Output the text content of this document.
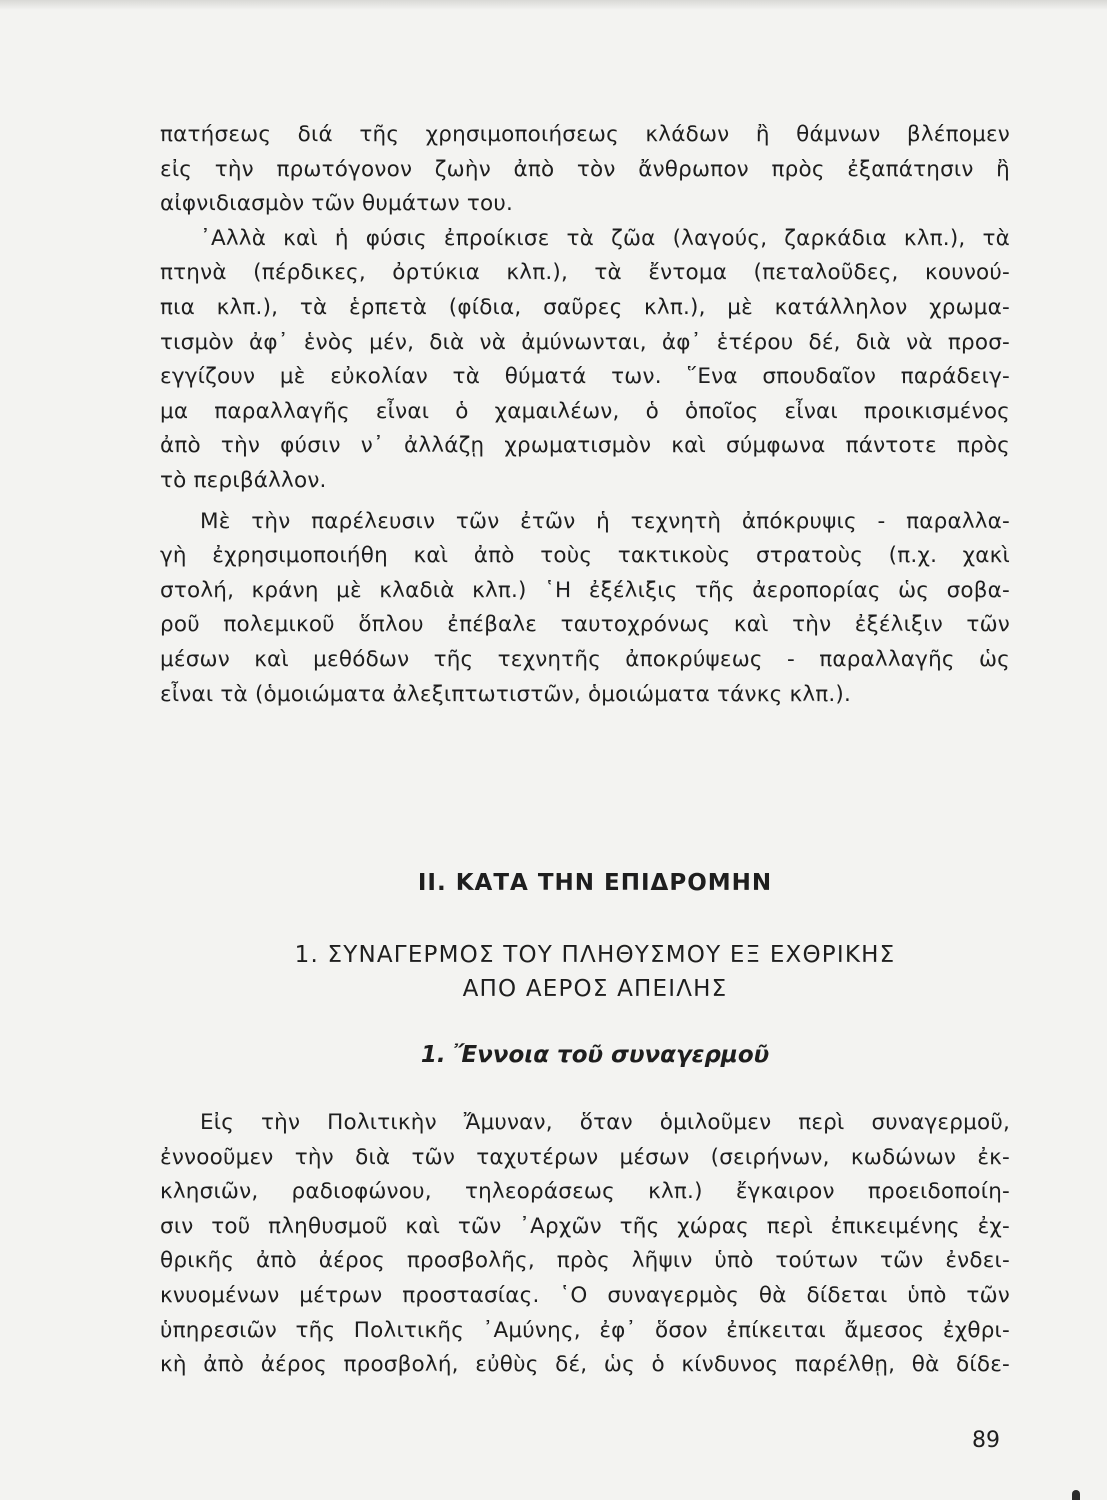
πατήσεως διά τῆς χρησιμοποιήσεως κλάδων ἢ θάμνων βλέπομεν
εἰς τὴν πρωτόγονον ζωὴν ἀπὸ τὸν ἄνθρωπον πρὸς ἐξαπάτησιν ἢ
αἰφνιδιασμὸν τῶν θυμάτων του.
᾿Αλλὰ καὶ ἡ φύσις ἐπροίκισε τὰ ζῶα (λαγούς, ζαρκάδια κλπ.), τὰ
πτηνὰ (πέρδικες, ὀρτύκια κλπ.), τὰ ἔντομα (πεταλοῦδες, κουνού-
πια κλπ.), τὰ ἑρπετὰ (φίδια, σαῦρες κλπ.), μὲ κατάλληλον χρωμα-
τισμὸν ἀφ᾿ ἑνὸς μέν, διὰ νὰ ἀμύνωνται, ἀφ᾿ ἑτέρου δέ, διὰ νὰ προσ-
εγγίζουν μὲ εὐκολίαν τὰ θύματά των. ῞Ενα σπουδαῖον παράδειγ-
μα παραλλαγῆς εἶναι ὁ χαμαιλέων, ὁ ὁποῖος εἶναι προικισμένος
ἀπὸ τὴν φύσιν ν᾿ ἀλλάζῃ χρωματισμὸν καὶ σύμφωνα πάντοτε πρὸς
τὸ περιβάλλον.
Μὲ τὴν παρέλευσιν τῶν ἐτῶν ἡ τεχνητὴ ἀπόκρυψις - παραλλα-
γὴ ἐχρησιμοποιήθη καὶ ἀπὸ τοὺς τακτικοὺς στρατοὺς (π.χ. χακὶ
στολή, κράνη μὲ κλαδιὰ κλπ.) ῾Η ἐξέλιξις τῆς ἀεροπορίας ὡς σοβα-
ροῦ πολεμικοῦ ὅπλου ἐπέβαλε ταυτοχρόνως καὶ τὴν ἐξέλιξιν τῶν
μέσων καὶ μεθόδων τῆς τεχνητῆς ἀποκρύψεως - παραλλαγῆς ὡς
εἶναι τὰ (ὁμοιώματα ἀλεξιπτωτιστῶν, ὁμοιώματα τάνκς κλπ.).
II. ΚΑΤΑ ΤΗΝ ΕΠΙΔΡΟΜΗΝ
1. ΣΥΝΑΓΕΡΜΟΣ ΤΟΥ ΠΛΗΘΥΣΜΟΥ ΕΞ ΕΧΘΡΙΚΗΣ
ΑΠΟ ΑΕΡΟΣ ΑΠΕΙΛΗΣ
1. Ἔννοια τοῦ συναγερμοῦ
Εἰς τὴν Πολιτικὴν Ἄμυναν, ὅταν ὁμιλοῦμεν περὶ συναγερμοῦ,
ἐννοοῦμεν τὴν διὰ τῶν ταχυτέρων μέσων (σειρήνων, κωδώνων ἐκ-
κλησιῶν, ραδιοφώνου, τηλεοράσεως κλπ.) ἔγκαιρον προειδοποίη-
σιν τοῦ πληθυσμοῦ καὶ τῶν ᾿Αρχῶν τῆς χώρας περὶ ἐπικειμένης ἐχ-
θρικῆς ἀπὸ ἀέρος προσβολῆς, πρὸς λῆψιν ὑπὸ τούτων τῶν ἐνδει-
κνυομένων μέτρων προστασίας. ῾Ο συναγερμὸς θὰ δίδεται ὑπὸ τῶν
ὑπηρεσιῶν τῆς Πολιτικῆς ᾿Αμύνης, ἐφ᾿ ὅσον ἐπίκειται ἄμεσος ἐχθρι-
κὴ ἀπὸ ἀέρος προσβολή, εὐθὺς δέ, ὡς ὁ κίνδυνος παρέλθῃ, θὰ δίδε-
89
